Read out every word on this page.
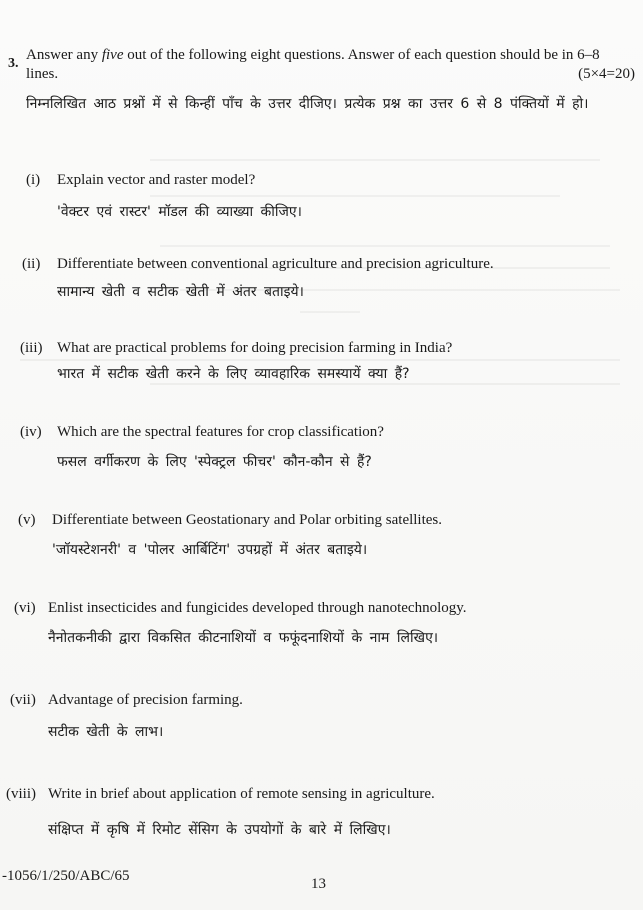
3.
Answer any five out of the following eight questions. Answer of each question should be in 6–8 lines.	(5×4=20)
निम्नलिखित आठ प्रश्नों में से किन्हीं पाँच के उत्तर दीजिए। प्रत्येक प्रश्न का उत्तर 6 से 8 पंक्तियों में हो।
(i) Explain vector and raster model?
'वेक्टर एवं रास्टर' मॉडल की व्याख्या कीजिए।
(ii) Differentiate between conventional agriculture and precision agriculture.
सामान्य खेती व सटीक खेती में अंतर बताइये।
(iii) What are practical problems for doing precision farming in India?
भारत में सटीक खेती करने के लिए व्यावहारिक समस्यायें क्या हैं?
(iv) Which are the spectral features for crop classification?
फसल वर्गीकरण के लिए 'स्पेक्ट्रल फीचर' कौन-कौन से हैं?
(v) Differentiate between Geostationary and Polar orbiting satellites.
'जॉयस्टेशनरी' व 'पोलर आर्बिटिंग' उपग्रहों में अंतर बताइये।
(vi) Enlist insecticides and fungicides developed through nanotechnology.
नैनोतकनीकी द्वारा विकसित कीटनाशियों व फफूंदनाशियों के नाम लिखिए।
(vii) Advantage of precision farming.
सटीक खेती के लाभ।
(viii) Write in brief about application of remote sensing in agriculture.
संक्षिप्त में कृषि में रिमोट सेंसिग के उपयोगों के बारे में लिखिए।
-1056/1/250/ABC/65	13
